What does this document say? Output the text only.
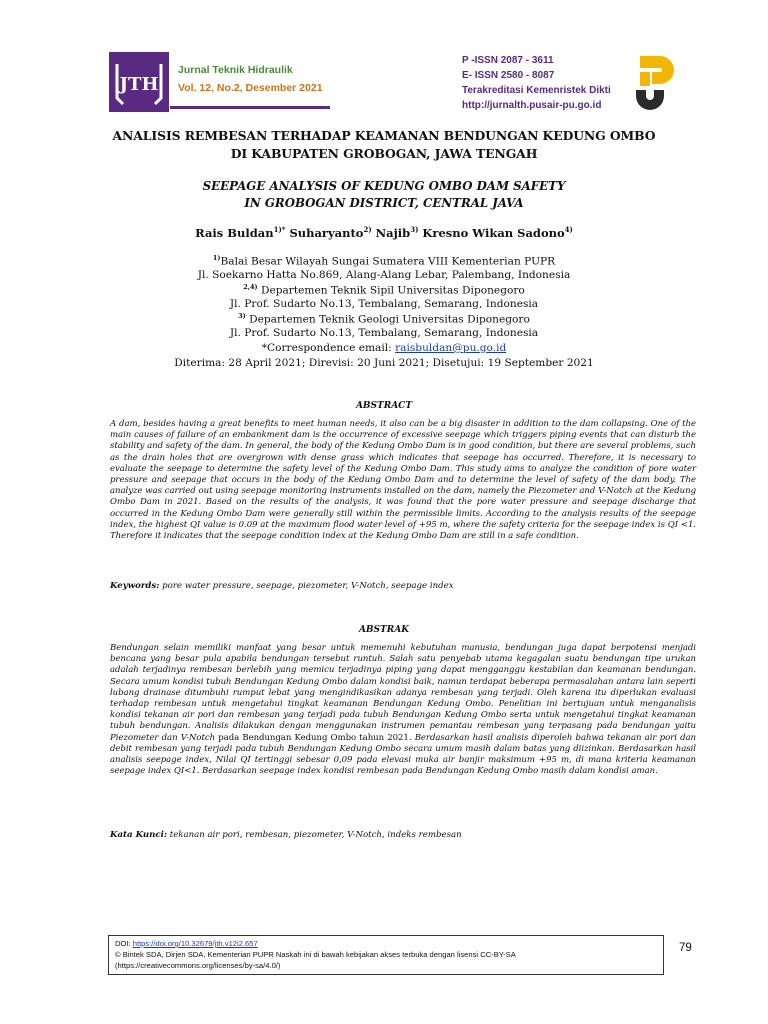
JTH
Jurnal Teknik Hidraulik
Vol. 12, No.2, Desember 2021
P -ISSN 2087 - 3611
E- ISSN 2580 - 8087
Terakreditasi Kemenristek Dikti
http://jurnalth.pusair-pu.go.id
ANALISIS REMBESAN TERHADAP KEAMANAN BENDUNGAN KEDUNG OMBO
DI KABUPATEN GROBOGAN, JAWA TENGAH
SEEPAGE ANALYSIS OF KEDUNG OMBO DAM SAFETY
IN GROBOGAN DISTRICT, CENTRAL JAVA
Rais Buldan$^{1)*}$ Suharyanto$^{2)}$ Najib$^{3)}$ Kresno Wikan Sadono$^{4)}$
$^{1)}$Balai Besar Wilayah Sungai Sumatera VIII Kementerian PUPR
Jl. Soekarno Hatta No.869, Alang-Alang Lebar, Palembang, Indonesia
$^{2,4)}$ Departemen Teknik Sipil Universitas Diponegoro
Jl. Prof. Sudarto No.13, Tembalang, Semarang, Indonesia
$^{3)}$ Departemen Teknik Geologi Universitas Diponegoro
Jl. Prof. Sudarto No.13, Tembalang, Semarang, Indonesia
*Correspondence email: raisbuldan@pu.go.id
Diterima: 28 April 2021; Direvisi: 20 Juni 2021; Disetujui: 19 September 2021
ABSTRACT
A dam, besides having a great benefits to meet human needs, it also can be a big disaster in addition to the dam collapsing. One of the main causes of failure of an embankment dam is the occurrence of excessive seepage which triggers piping events that can disturb the stability and safety of the dam. In general, the body of the Kedung Ombo Dam is in good condition, but there are several problems, such as the drain holes that are overgrown with dense grass which indicates that seepage has occurred. Therefore, it is necessary to evaluate the seepage to determine the safety level of the Kedung Ombo Dam. This study aims to analyze the condition of pore water pressure and seepage that occurs in the body of the Kedung Ombo Dam and to determine the level of safety of the dam body. The analyze was carried out using seepage monitoring instruments installed on the dam, namely the Piezometer and V-Notch at the Kedung Ombo Dam in 2021. Based on the results of the analysis, it was found that the pore water pressure and seepage discharge that occurred in the Kedung Ombo Dam were generally still within the permissible limits. According to the analysis results of the seepage index, the highest QI value is 0.09 at the maximum flood water level of +95 m, where the safety criteria for the seepage index is QI <1. Therefore it indicates that the seepage condition index at the Kedung Ombo Dam are still in a safe condition.
Keywords: pore water pressure, seepage, piezometer, V-Notch, seepage index
ABSTRAK
Bendungan selain memiliki manfaat yang besar untuk memenuhi kebutuhan manusia, bendungan juga dapat berpotensi menjadi bencana yang besar pula apabila bendungan tersebut runtuh. Salah satu penyebab utama kegagalan suatu bendungan tipe urukan adalah terjadinya rembesan berlebih yang memicu terjadinya piping yang dapat mengganggu kestabilan dan keamanan bendungan. Secara umum kondisi tubuh Bendungan Kedung Ombo dalam kondisi baik, namun terdapat beberapa permasalahan antara lain seperti lubang drainase ditumbuhi rumput lebat yang mengindikasikan adanya rembesan yang terjadi. Oleh karena itu diperlukan evaluasi terhadap rembesan untuk mengetahui tingkat keamanan Bendungan Kedung Ombo. Penelitian ini bertujuan untuk menganalisis kondisi tekanan air pori dan rembesan yang terjadi pada tubuh Bendungan Kedung Ombo serta untuk mengetahui tingkat keamanan tubuh bendungan. Analisis dilakukan dengan menggunakan instrumen pemantau rembesan yang terpasang pada bendungan yaitu Piezometer dan V-Notch pada Bendungan Kedung Ombo tahun 2021. Berdasarkan hasil analisis diperoleh bahwa tekanan air pori dan debit rembesan yang terjadi pada tubuh Bendungan Kedung Ombo secara umum masih dalam batas yang diizinkan. Berdasarkan hasil analisis seepage index, Nilai QI tertinggi sebesar 0,09 pada elevasi muka air banjir maksimum +95 m, di mana kriteria keamanan seepage index QI<1. Berdasarkan seepage index kondisi rembesan pada Bendungan Kedung Ombo masih dalam kondisi aman.
Kata Kunci: tekanan air pori, rembesan, piezometer, V-Notch, indeks rembesan
DOI: https://doi.org/10.32679/jth.v12i2.657
© Bintek SDA, Dirjen SDA, Kementerian PUPR Naskah ini di bawah kebijakan akses terbuka dengan lisensi CC-BY-SA
(https://creativecommons.org/licenses/by-sa/4.0/)
79
